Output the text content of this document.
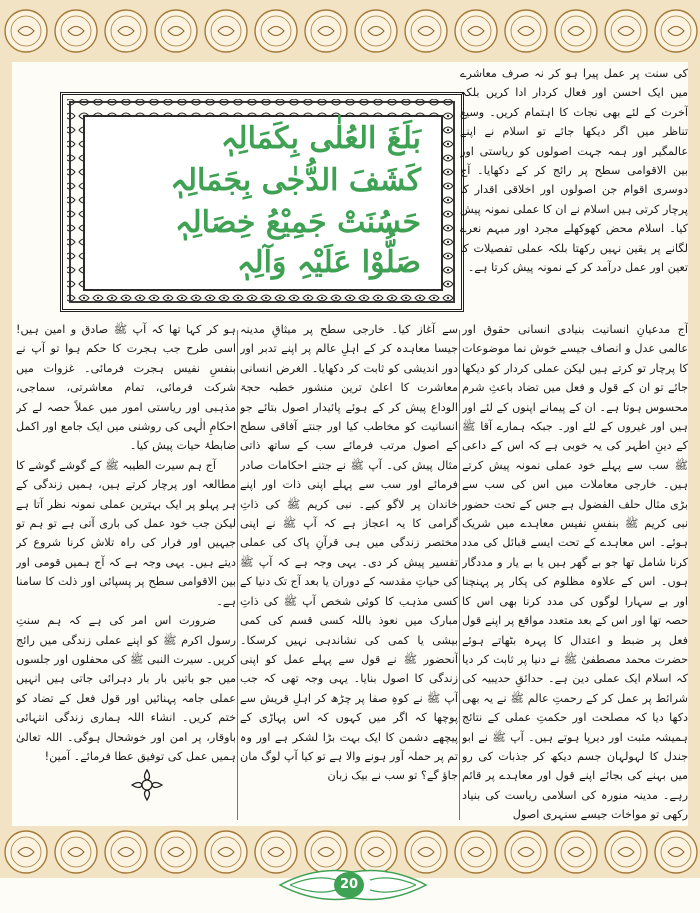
بَلَغَ العُلٰی بِکَمَالِہٖ
کَشَفَ الدُّجٰی بِجَمَالِہٖ
حَسُنَتْ جَمِیْعُ خِصَالِہٖ
صَلُّوْا عَلَیْہِ وَآلِہٖ

کی سنت پر عمل پیرا ہو کر نہ صرف معاشرے میں ایک احسن اور فعال کردار ادا کریں بلکہ آخرت کے لئے بھی نجات کا اہتمام کریں۔ وسیع تناظر میں اگر دیکھا جائے تو اسلام نے اپنے عالمگیر اور ہمہ جہت اصولوں کو ریاستی اور بین الاقوامی سطح پر رائج کر کے دکھایا۔ آج دوسری اقوام جن اصولوں اور اخلاقی اقدار کا پرچار کرتی ہیں اسلام نے ان کا عملی نمونہ پیش کیا۔ اسلام محض کھوکھلے مجرد اور مبہم نعرے لگانے پر یقین نہیں رکھتا بلکہ عملی تفصیلات کا تعین اور عمل درآمد کر کے نمونہ پیش کرتا ہے۔

آج مدعیانِ انسانیت بنیادی انسانی حقوق اور عالمی عدل و انصاف جیسے خوش نما موضوعات کا پرچار تو کرتے ہیں لیکن عملی کردار کو دیکھا جائے تو ان کے قول و فعل میں تضاد باعثِ شرم محسوس ہوتا ہے۔ ان کے پیمانے اپنوں کے لئے اور ہیں اور غیروں کے لئے اور۔ جبکہ ہمارے آقا ﷺ کے دینِ اطہر کی یہ خوبی ہے کہ اس کے داعی ﷺ سب سے پہلے خود عملی نمونہ پیش کرتے ہیں۔ خارجی معاملات میں اس کی سب سے بڑی مثال حلف الفضول ہے جس کے تحت حضور نبی کریم ﷺ بنفسِ نفیس معاہدے میں شریک ہوئے۔ اس معاہدے کے تحت ایسے قبائل کی مدد کرنا شامل تھا جو بے گھر ہیں یا بے یار و مددگار ہوں۔ اس کے علاوہ مظلوم کی پکار پر پہنچنا اور بے سہارا لوگوں کی مدد کرنا بھی اس کا حصہ تھا اور اس کے بعد متعدد مواقع پر اپنے قول فعل پر ضبط و اعتدال کا پہرہ بٹھاتے ہوئے حضرت محمد مصطفیٰ ﷺ نے دنیا پر ثابت کر دیا کہ اسلام ایک عملی دین ہے۔ حدائقِ حدیبیہ کی شرائط پر عمل کر کے رحمتِ عالم ﷺ نے یہ بھی دکھا دیا کہ مصلحت اور حکمتِ عملی کے نتائج ہمیشہ مثبت اور دیرپا ہوتے ہیں۔ آپ ﷺ نے ابو جندل کا لہولہان جسم دیکھ کر جذبات کی رو میں بہنے کی بجائے اپنے قول اور معاہدے پر قائم رہے۔ مدینہ منورہ کی اسلامی ریاست کی بنیاد رکھی تو مواخات جیسے سنہری اصول

سے آغاز کیا۔ خارجی سطح پر میثاقِ مدینہ جیسا معاہدہ کر کے اہلِ عالم پر اپنے تدبر اور دور اندیشی کو ثابت کر دکھایا۔ الغرض انسانی معاشرت کا اعلیٰ ترین منشور خطبہ حجۃ الوداع پیش کر کے ہوئے پائیدار اصول بتائے جو انسانیت کو مخاطب کیا اور جنتے آفاقی سطح کے اصول مرتب فرمائے سب کے ساتھ ذاتی مثال پیش کی۔ آپ ﷺ نے جتنے احکامات صادر فرمائے اور سب سے پہلے اپنی ذات اور اپنے خاندان پر لاگو کیے۔ نبی کریم ﷺ کی ذاتِ گرامی کا یہ اعجاز ہے کہ آپ ﷺ نے اپنی مختصر زندگی میں ہی قرآنِ پاک کی عملی تفسیر پیش کر دی۔ یہی وجہ ہے کہ آپ ﷺ کی حیاتِ مقدسہ کے دوران یا بعد آج تک دنیا کے کسی مذہب کا کوئی شخص آپ ﷺ کی ذاتِ مبارک میں نعوذ باللہ کسی قسم کی کمی بیشی یا کمی کی نشاندہی نہیں کرسکا۔ آنحضور ﷺ نے قول سے پہلے عمل کو اپنی زندگی کا اصول بنایا۔ یہی وجہ تھی کہ جب آپ ﷺ نے کوہِ صفا پر چڑھ کر اہلِ قریش سے پوچھا کہ اگر میں کہوں کہ اس پہاڑی کے پیچھے دشمن کا ایک بہت بڑا لشکر ہے اور وہ تم پر حملہ آور ہونے والا ہے تو کیا آپ لوگ مان جاؤ گے؟ تو سب نے بیک زبان

ہو کر کہا تھا کہ آپ ﷺ صادق و امین ہیں! اسی طرح جب ہجرت کا حکم ہوا تو آپ نے بنفسِ نفیس ہجرت فرمائی۔ غزوات میں شرکت فرمائی، تمام معاشرتی، سماجی، مذہبی اور ریاستی امور میں عملاً حصہ لے کر احکامِ الٰہی کی روشنی میں ایک جامع اور اکمل ضابطۂ حیات پیش کیا۔

آج ہم سیرت الطیبہ ﷺ کے گوشے گوشے کا مطالعہ اور پرچار کرتے ہیں، ہمیں زندگی کے ہر پہلو پر ایک بہترین عملی نمونہ نظر آتا ہے لیکن جب خود عمل کی باری آتی ہے تو ہم تو جیہیں اور فرار کی راہ تلاش کرنا شروع کر دیتے ہیں۔ یہی وجہ ہے کہ آج ہمیں قومی اور بین الاقوامی سطح پر پسپائی اور ذلت کا سامنا ہے۔

ضرورت اس امر کی ہے کہ ہم سنتِ رسول اکرم ﷺ کو اپنے عملی زندگی میں رائج کریں۔ سیرت النبی ﷺ کی محفلوں اور جلسوں میں جو باتیں بار بار دہرائی جاتی ہیں انہیں عملی جامہ پہنائیں اور قول فعل کے تضاد کو ختم کریں۔ انشاء اللہ ہماری زندگی انتہائی باوقار، پر امن اور خوشحال ہوگی۔ اللہ تعالیٰ ہمیں عمل کی توفیق عطا فرمائے۔ آمین!

20
